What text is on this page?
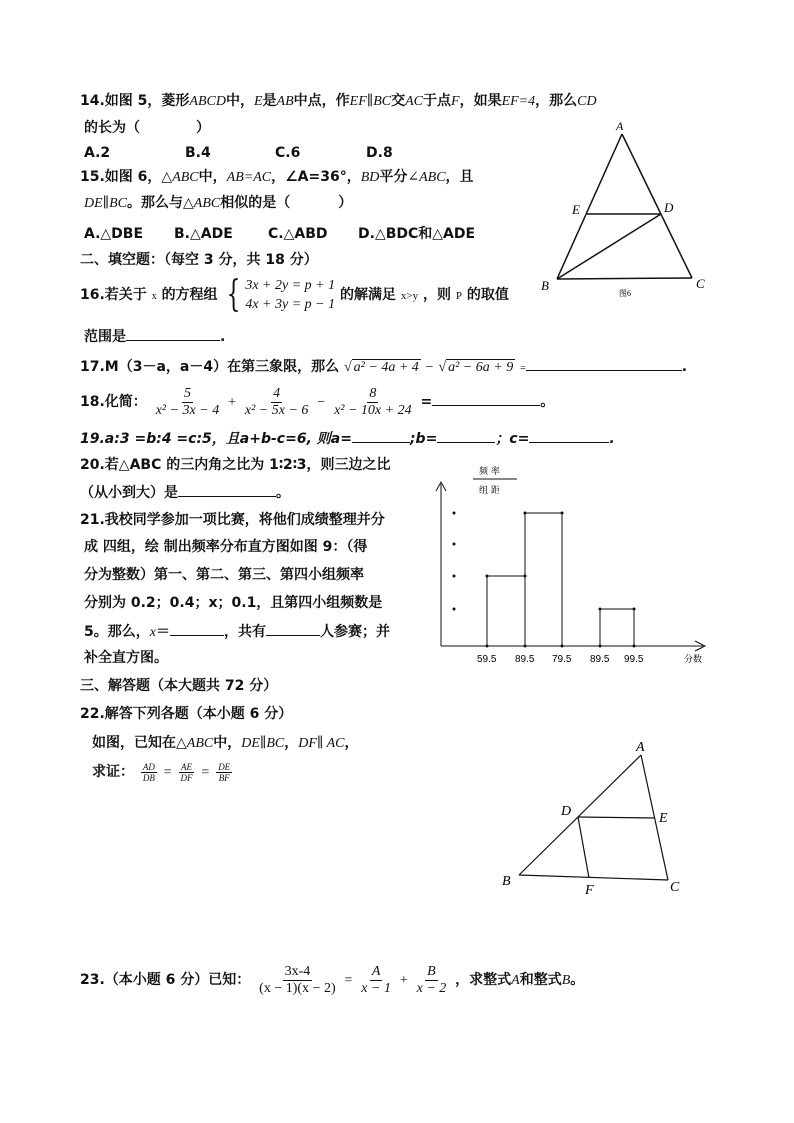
14.如图 5，菱形ABCD中，E是AB中点，作EF∥BC交AC于点F，如果EF=4，那么CD
的长为（	）
A.2	B.4	C.6	D.8
15.如图 6，△ABC中，AB=AC，∠A=36°，BD平分∠ABC，且
DE∥BC。那么与△ABC相似的是（	）
A.△DBE B.△ADE	C.△ABD D.△BDC和△ADE
二、填空题：（每空 3 分，共 18 分）
16.若关于 x 的方程组 { 3x + 2y = p + 1
4x + 3y = p − 1
的解满足 x>y ，则 P 的取值
范围是	.
17.M（3－a，a－4）在第三象限，那么 √ a² − 4a + 4 − √ a² − 6a + 9 =	.
18.化简： $\frac{5}{\text{x² − 3x − 4}} + \frac{4}{\text{x² − 5x − 6}} - \frac{8}{\text{x² − 10x + 24}}$ =	。
19.a:3 =b:4 =c:5，且a+b-c=6, 则a=	;b=	；c=	.
20.若△ABC 的三内角之比为 1∶2∶3，则三边之比
（从小到大）是	。
21.我校同学参加一项比赛，将他们成绩整理并分
成 四组，绘 制出频率分布直方图如图 9：（得
分为整数）第一、第二、第三、第四小组频率
分别为 0.2；0.4；x；0.1，且第四小组频数是
5。那么，x＝	，共有	人参赛；并
补全直方图。
三、解答题（本大题共 72 分）
22.解答下列各题（本小题 6 分）
如图，已知在△ABC中，DE∥BC，DF∥ AC，
求证： $\frac{AD}{DB} = \frac{AE}{DF} = \frac{DE}{BF}$
23.（本小题 6 分）已知： $\frac{3x-4}{(x - 1)(x - 2)} = \frac{A}{x - 1} + \frac{B}{x - 2}$ ，求整式A和整式B。
A
E	D
B	C
图6
频 率
组 距
59.5 89.5 79.5 89.5 99.5	分数
A
D	E
B
F	C
